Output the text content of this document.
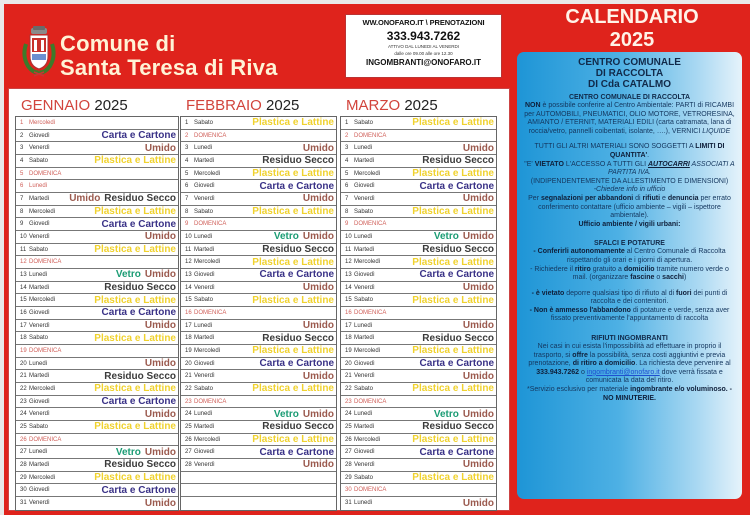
Comune di
Santa Teresa di Riva
WW.ONOFARO.IT \ PRENOTAZIONI
333.943.7262
ATTIVO DAL LUNEDI AL VENERDI
dalle ore 09.00 alle ore 12.30
INGOMBRANTI@ONOFARO.IT
CALENDARIO
2025
GENNAIO 2025
1 Mercoledì
2 Giovedì	Carta e Cartone
3 Venerdì	Umido
4 Sabato	Plastica e Lattine
5 DOMENICA
6 Lunedì
7 Martedì	Umido Residuo Secco
8 Mercoledì	Plastica e Lattine
9 Giovedì	Carta e Cartone
10 Venerdì	Umido
11 Sabato	Plastica e Lattine
12 DOMENICA
13 Lunedì	Vetro Umido
14 Martedì	Residuo Secco
15 Mercoledì	Plastica e Lattine
16 Giovedì	Carta e Cartone
17 Venerdì	Umido
18 Sabato	Plastica e Lattine
19 DOMENICA
20 Lunedì	Umido
21 Martedì	Residuo Secco
22 Mercoledì	Plastica e Lattine
23 Giovedì	Carta e Cartone
24 Venerdì	Umido
25 Sabato	Plastica e Lattine
26 DOMENICA
27 Lunedì	Vetro Umido
28 Martedì	Residuo Secco
29 Mercoledì	Plastica e Lattine
30 Giovedì	Carta e Cartone
31 Venerdì	Umido
FEBBRAIO 2025
1 Sabato	Plastica e Lattine
2 DOMENICA
3 Lunedì	Umido
4 Martedì	Residuo Secco
5 Mercoledì	Plastica e Lattine
6 Giovedì	Carta e Cartone
7 Venerdì	Umido
8 Sabato	Plastica e Lattine
9 DOMENICA
10 Lunedì	Vetro Umido
11 Martedì	Residuo Secco
12 Mercoledì	Plastica e Lattine
13 Giovedì	Carta e Cartone
14 Venerdì	Umido
15 Sabato	Plastica e Lattine
16 DOMENICA
17 Lunedì	Umido
18 Martedì	Residuo Secco
19 Mercoledì	Plastica e Lattine
20 Giovedì	Carta e Cartone
21 Venerdì	Umido
22 Sabato	Plastica e Lattine
23 DOMENICA
24 Lunedì	Vetro Umido
25 Martedì	Residuo Secco
26 Mercoledì	Plastica e Lattine
27 Giovedì	Carta e Cartone
28 Venerdì	Umido
MARZO 2025
1 Sabato	Plastica e Lattine
2 DOMENICA
3 Lunedì	Umido
4 Martedì	Residuo Secco
5 Mercoledì	Plastica e Lattine
6 Giovedì	Carta e Cartone
7 Venerdì	Umido
8 Sabato	Plastica e Lattine
9 DOMENICA
10 Lunedì	Vetro Umido
11 Martedì	Residuo Secco
12 Mercoledì	Plastica e Lattine
13 Giovedì	Carta e Cartone
14 Venerdì	Umido
15 Sabato	Plastica e Lattine
16 DOMENICA
17 Lunedì	Umido
18 Martedì	Residuo Secco
19 Mercoledì	Plastica e Lattine
20 Giovedì	Carta e Cartone
21 Venerdì	Umido
22 Sabato	Plastica e Lattine
23 DOMENICA
24 Lunedì	Vetro Umido
25 Martedì	Residuo Secco
26 Mercoledì	Plastica e Lattine
27 Giovedì	Carta e Cartone
28 Venerdì	Umido
29 Sabato	Plastica e Lattine
30 DOMENICA
31 Lunedì	Umido
CENTRO COMUNALE
DI RACCOLTA
DI Cda CATALMO
CENTRO COMUNALE DI RACCOLTA

NON è possibile conferire al Centro Ambientale: PARTI di RICAMBI per AUTOMOBILI, PNEUMATICI, OLIO MOTORE, VETRORESINA, AMIANTO / ETERNIT, MATERIALI EDILI (carta catramata, lana di roccia/vetro, pannelli coibentati, isolante, ….), VERNICI LIQUIDE

TUTTI GLI ALTRI MATERIALI SONO SOGGETTI A LIMITI DI QUANTITA'.

"E' VIETATO L'ACCESSO A TUTTI GLI AUTOCARRI ASSOCIATI A PARTITA IVA.

(INDIPENDENTEMENTE DA ALLESTIMENTO E DIMENSIONI)

-Chiedere info in ufficio

Per segnalazioni per abbandoni di rifiuti e denuncia per errato conferimento contattare (ufficio ambiente – vigili – ispettore ambientale).

Ufficio ambiente / vigili urbani:

SFALCI E POTATURE

- Conferirli autonomamente al Centro Comunale di Raccolta rispettando gli orari e i giorni di apertura.

- Richiedere il ritiro gratuito a domicilio tramite numero verde o mail. (organizzare fascine o sacchi)

- è vietato deporre qualsiasi tipo di rifiuto al di fuori dei punti di raccolta e dei contenitori.

- Non è ammesso l'abbandono di potature e verde, senza aver fissato preventivamente l'appuntamento di raccolta

RIFIUTI INGOMBRANTI

Nei casi in cui esista l'impossibilità ad effettuare in proprio il trasporto, si offre la possibilità, senza costi aggiuntivi e previa prenotazione, di ritiro a domicilio. La richiesta deve pervenire al 333.943.7262 o ingombranti@onofaro.it dove verrà fissata e comunicata la data del ritiro.

*Servizio esclusivo per materiale ingombrante e/o voluminoso. - NO MINUTERIE.
